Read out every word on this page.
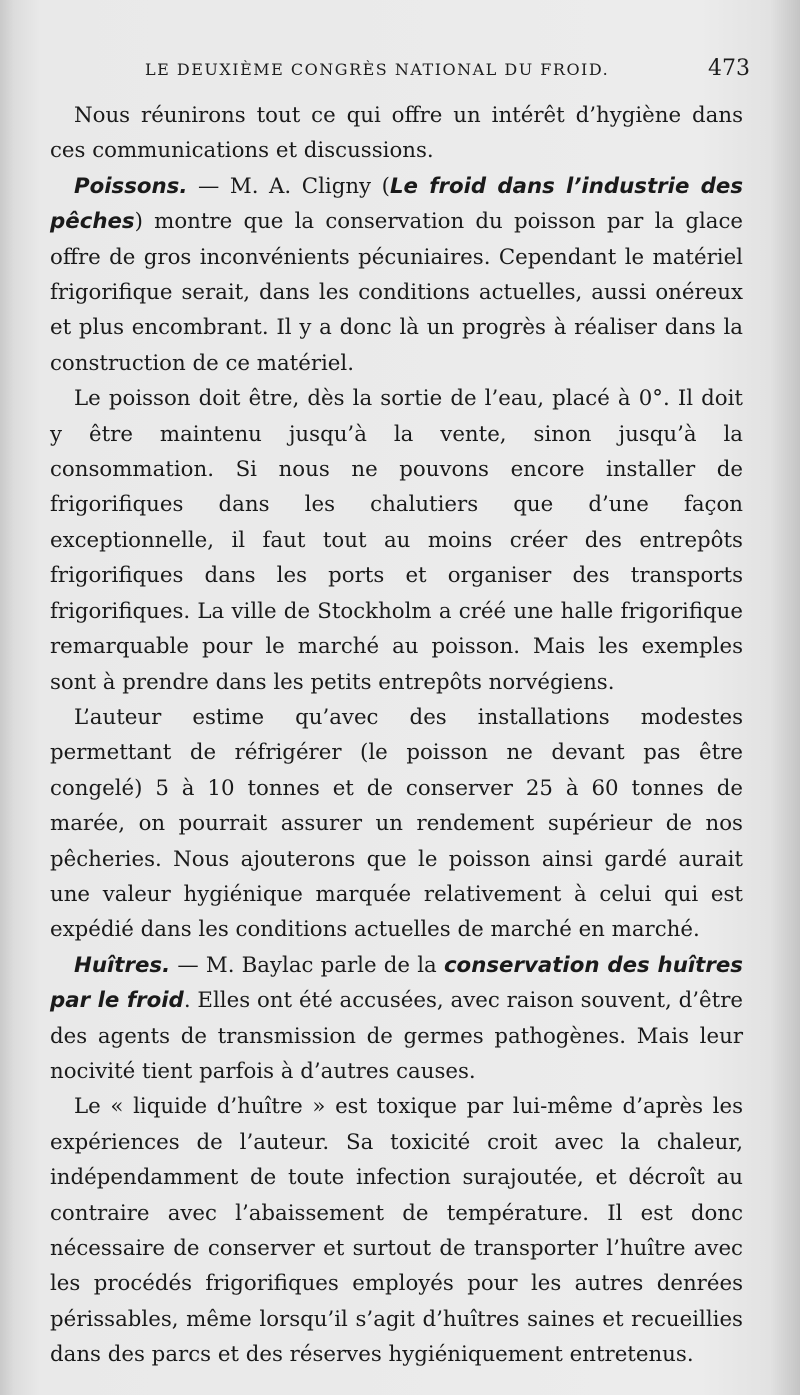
LE DEUXIÈME CONGRÈS NATIONAL DU FROID.	473

Nous réunirons tout ce qui offre un intérêt d’hygiène dans ces communications et discussions.

Poissons. — M. A. Cligny (Le froid dans l’industrie des pêches) montre que la conservation du poisson par la glace offre de gros inconvénients pécuniaires. Cependant le matériel frigorifique serait, dans les conditions actuelles, aussi onéreux et plus encombrant. Il y a donc là un progrès à réaliser dans la construction de ce matériel.

Le poisson doit être, dès la sortie de l’eau, placé à 0°. Il doit y être maintenu jusqu’à la vente, sinon jusqu’à la consommation. Si nous ne pouvons encore installer de frigorifiques dans les chalutiers que d’une façon exceptionnelle, il faut tout au moins créer des entrepôts frigorifiques dans les ports et organiser des transports frigorifiques. La ville de Stockholm a créé une halle frigorifique remarquable pour le marché au poisson. Mais les exemples sont à prendre dans les petits entrepôts norvégiens.

L’auteur estime qu’avec des installations modestes permettant de réfrigérer (le poisson ne devant pas être congelé) 5 à 10 tonnes et de conserver 25 à 60 tonnes de marée, on pourrait assurer un rendement supérieur de nos pêcheries. Nous ajouterons que le poisson ainsi gardé aurait une valeur hygiénique marquée relativement à celui qui est expédié dans les conditions actuelles de marché en marché.

Huîtres. — M. Baylac parle de la conservation des huîtres par le froid. Elles ont été accusées, avec raison souvent, d’être des agents de transmission de germes pathogènes. Mais leur nocivité tient parfois à d’autres causes.

Le « liquide d’huître » est toxique par lui-même d’après les expériences de l’auteur. Sa toxicité croit avec la chaleur, indépendamment de toute infection surajoutée, et décroît au contraire avec l’abaissement de température. Il est donc nécessaire de conserver et surtout de transporter l’huître avec les procédés frigorifiques employés pour les autres denrées périssables, même lorsqu’il s’agit d’huîtres saines et recueillies dans des parcs et des réserves hygiéniquement entretenus.
